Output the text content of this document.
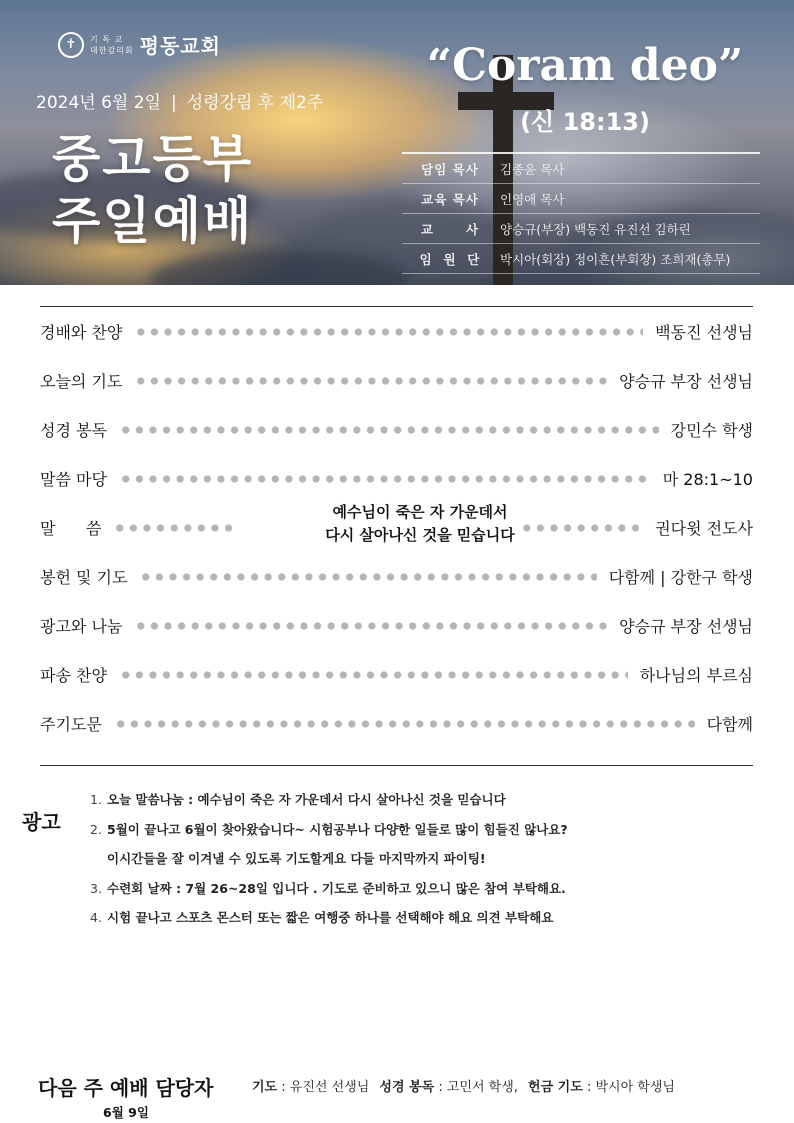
✝	기 독 교
대한감리회 평동교회
2024년 6월 2일 | 성령강림 후 제2주
중고등부
주일예배
“Coram deo”
(신 18:13)
담임 목사	김종윤 목사
교육 목사	인영애 목사
교      사	양승규(부장) 백동진 유진선 김하린
임  원  단	박시아(회장) 정이흔(부회장) 조희재(총무)
경배와 찬양	백동진 선생님
오늘의 기도	양승규 부장 선생님
성경 봉독	강민수 학생
말씀 마당	마 28:1~10
말      씀	권다윗 전도사
예수님이 죽은 자 가운데서
다시 살아나신 것을 믿습니다
봉헌 및 기도	다함께 | 강한구 학생
광고와 나눔	양승규 부장 선생님
파송 찬양	하나님의 부르심
주기도문	다함께
광고
1. 오늘 말씀나눔 : 예수님이 죽은 자 가운데서 다시 살아나신 것을 믿습니다
2. 5월이 끝나고 6월이 찾아왔습니다~ 시험공부나 다양한 일들로 많이 힘들진 않나요?
이시간들을 잘 이겨낼 수 있도록 기도할게요 다들 마지막까지 파이팅!
3. 수련회 날짜 : 7월 26~28일 입니다 . 기도로 준비하고 있으니 많은 참여 부탁해요.
4. 시험 끝나고 스포츠 몬스터 또는 짧은 여행중 하나를 선택해야 해요 의견 부탁해요
다음 주 예배 담당자
6월 9일
기도 : 유진선 선생님 성경 봉독 : 고민서 학생, 헌금 기도 : 박시아 학생님
